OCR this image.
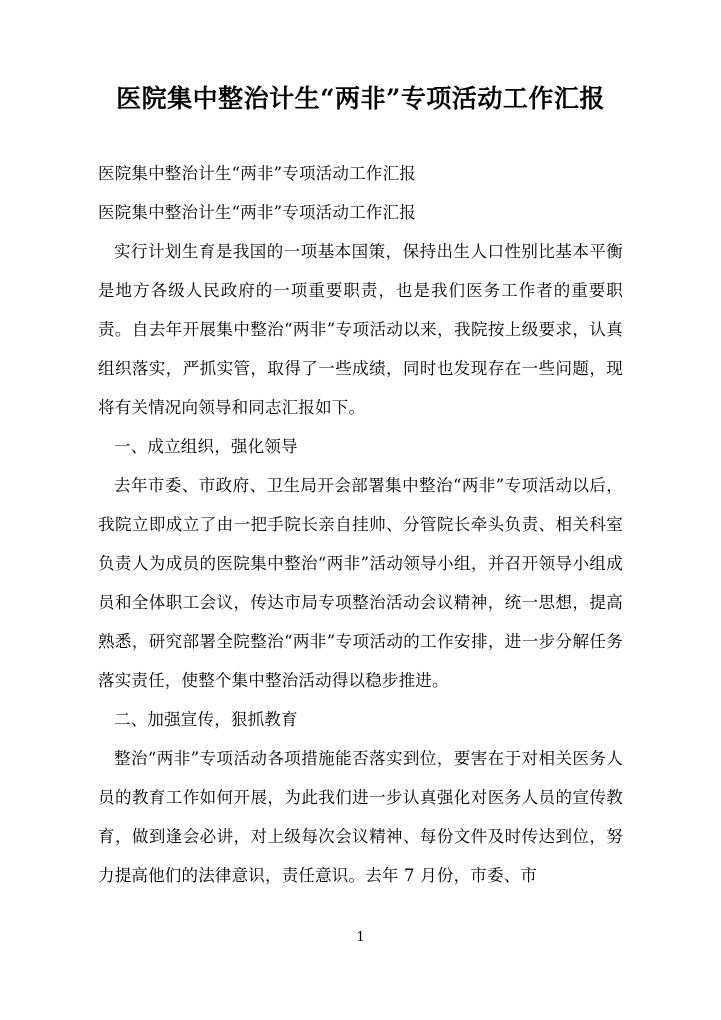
医院集中整治计生“两非”专项活动工作汇报

医院集中整治计生“两非”专项活动工作汇报

医院集中整治计生“两非”专项活动工作汇报

实行计划生育是我国的一项基本国策，保持出生人口性别比基本平衡是地方各级人民政府的一项重要职责，也是我们医务工作者的重要职责。自去年开展集中整治“两非”专项活动以来，我院按上级要求，认真组织落实，严抓实管，取得了一些成绩，同时也发现存在一些问题，现将有关情况向领导和同志汇报如下。

一、成立组织，强化领导

去年市委、市政府、卫生局开会部署集中整治“两非”专项活动以后，我院立即成立了由一把手院长亲自挂帅、分管院长牵头负责、相关科室负责人为成员的医院集中整治“两非”活动领导小组，并召开领导小组成员和全体职工会议，传达市局专项整治活动会议精神，统一思想，提高熟悉，研究部署全院整治“两非”专项活动的工作安排，进一步分解任务落实责任，使整个集中整治活动得以稳步推进。

二、加强宣传，狠抓教育

整治“两非”专项活动各项措施能否落实到位，要害在于对相关医务人员的教育工作如何开展，为此我们进一步认真强化对医务人员的宣传教育，做到逢会必讲，对上级每次会议精神、每份文件及时传达到位，努力提高他们的法律意识，责任意识。去年 7 月份，市委、市

1
